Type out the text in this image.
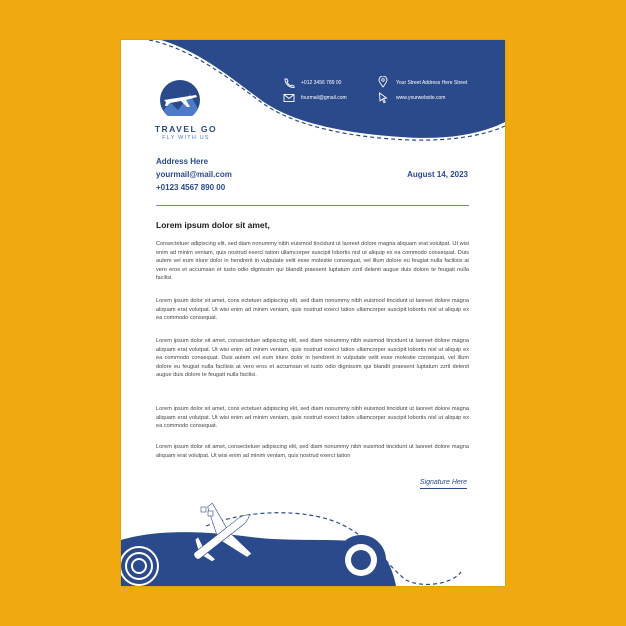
TRAVEL GO
FLY WITH US
+012 3456 789 00
fourmail@gmail.com
Your Street Address Here Street
www.yourwebsite.com
Address Here
yourmail@mail.com
+0123 4567 890 00
August 14, 2023
Lorem ipsum dolor sit amet,

Consectetuer adipiscing elit, sed diam nonummy nibh euismod tincidunt ut laoreet dolore magna aliquam erat volutpat. Ut wisi enim ad minim veniam, quis nostrud exerci tation ullamcorper suscipit lobortis nisl ut aliquip ex ea commodo consequat. Duis autem vel eum iriure dolor in hendrerit in vulputate velit esse molestie consequat, vel illum dolore eu feugiat nulla facilisis at vero eros et accumsan et iusto odio dignissim qui blandit praesent luptatum zzril delenit augue duis dolore te feugait nulla facilisi.

Lorem ipsum dolor sit amet, cons ectetuer adipiscing elit, sed diam nonummy nibh euismod tincidunt ut laoreet dolore magna aliquam erat volutpat. Ut wisi enim ad minim veniam, quis nostrud exerci tation ullamcorper suscipit lobortis nisl ut aliquip ex ea commodo consequat.

Lorem ipsum dolor sit amet, consectetuer adipiscing elit, sed diam nonummy nibh euismod tincidunt ut laoreet dolore magna aliquam erat volutpat. Ut wisi enim ad minim veniam, quis nostrud exerci tation ullamcorper suscipit lobortis nisl ut aliquip ex ea commodo consequat. Duis autem vel eum iriure dolor in hendrerit in vulputate velit esse molestie consequat, vel illum dolore eu feugiat nulla facilisis at vero eros et accumsan et iusto odio dignissim qui blandit praesent luptatum zzril delenit augue duis dolore te feugait nulla facilisi.

Lorem ipsum dolor sit amet, cons ectetuer adipiscing elit, sed diam nonummy nibh euismod tincidunt ut laoreet dolore magna aliquam erat volutpat. Ut wisi enim ad minim veniam, quis nostrud exerci tation ullamcorper suscipit lobortis nisl ut aliquip ex ea commodo consequat.

Lorem ipsum dolor sit amet, consectetuer adipiscing elit, sed diam nonummy nibh euismod tincidunt ut laoreet dolore magna aliquam erat volutpat. Ut wisi enim ad minim veniam, quis nostrud exerci tation

Signature Here
